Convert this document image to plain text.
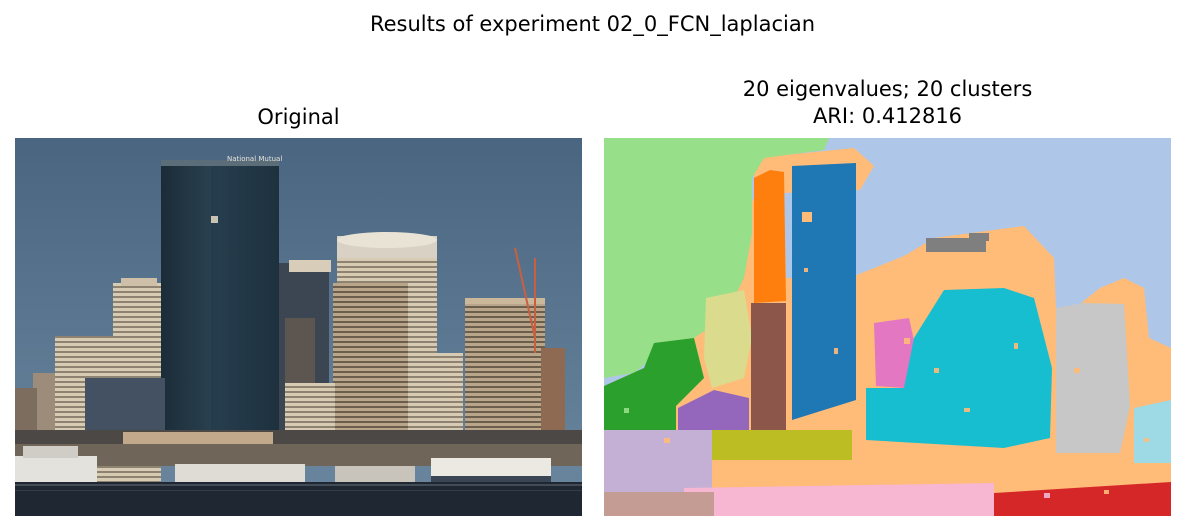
Results of experiment 02_0_FCN_laplacian
Original
20 eigenvalues; 20 clusters
ARI: 0.412816
National Mutual
